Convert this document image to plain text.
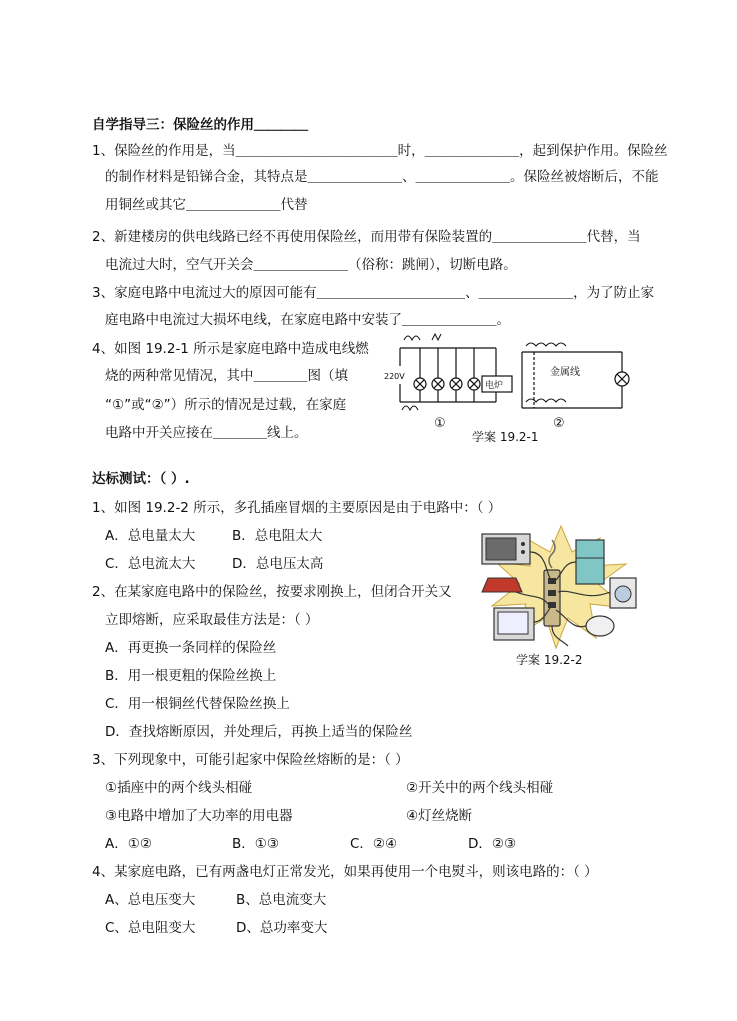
自学指导三：保险丝的作用＿＿＿＿
1、保险丝的作用是，当＿＿＿＿＿＿＿＿＿＿＿＿时，＿＿＿＿＿＿＿，起到保护作用。保险丝
的制作材料是铅锑合金，其特点是＿＿＿＿＿＿＿、＿＿＿＿＿＿＿。保险丝被熔断后，不能
用铜丝或其它＿＿＿＿＿＿＿代替
2、新建楼房的供电线路已经不再使用保险丝，而用带有保险装置的＿＿＿＿＿＿＿代替，当
电流过大时，空气开关会＿＿＿＿＿＿＿（俗称：跳闸），切断电路。
3、家庭电路中电流过大的原因可能有＿＿＿＿＿＿＿＿＿＿＿、＿＿＿＿＿＿＿，为了防止家
庭电路中电流过大损坏电线，在家庭电路中安装了＿＿＿＿＿＿＿。
4、如图 19.2-1 所示是家庭电路中造成电线燃
烧的两种常见情况，其中＿＿＿＿图（填
“①”或“②”）所示的情况是过载，在家庭
电路中开关应接在＿＿＿＿线上。
220V
电炉
①
金属线
②
学案 19.2-1
达标测试：（ ）.
1、如图 19.2-2 所示，多孔插座冒烟的主要原因是由于电路中：（ ）
A．总电量太大	B．总电阻太大
C．总电流太大	D．总电压太高
2、在某家庭电路中的保险丝，按要求刚换上，但闭合开关又
立即熔断，应采取最佳方法是：（ ）
A．再更换一条同样的保险丝
B．用一根更粗的保险丝换上
C．用一根铜丝代替保险丝换上
D．查找熔断原因，并处理后，再换上适当的保险丝
学案 19.2-2
3、下列现象中，可能引起家中保险丝熔断的是：（ ）
①插座中的两个线头相碰	②开关中的两个线头相碰
③电路中增加了大功率的用电器	④灯丝烧断
A．①②	B．①③	C．②④	D．②③
4、某家庭电路，已有两盏电灯正常发光，如果再使用一个电熨斗，则该电路的：（ ）
A、总电压变大	B、总电流变大
C、总电阻变大	D、总功率变大
